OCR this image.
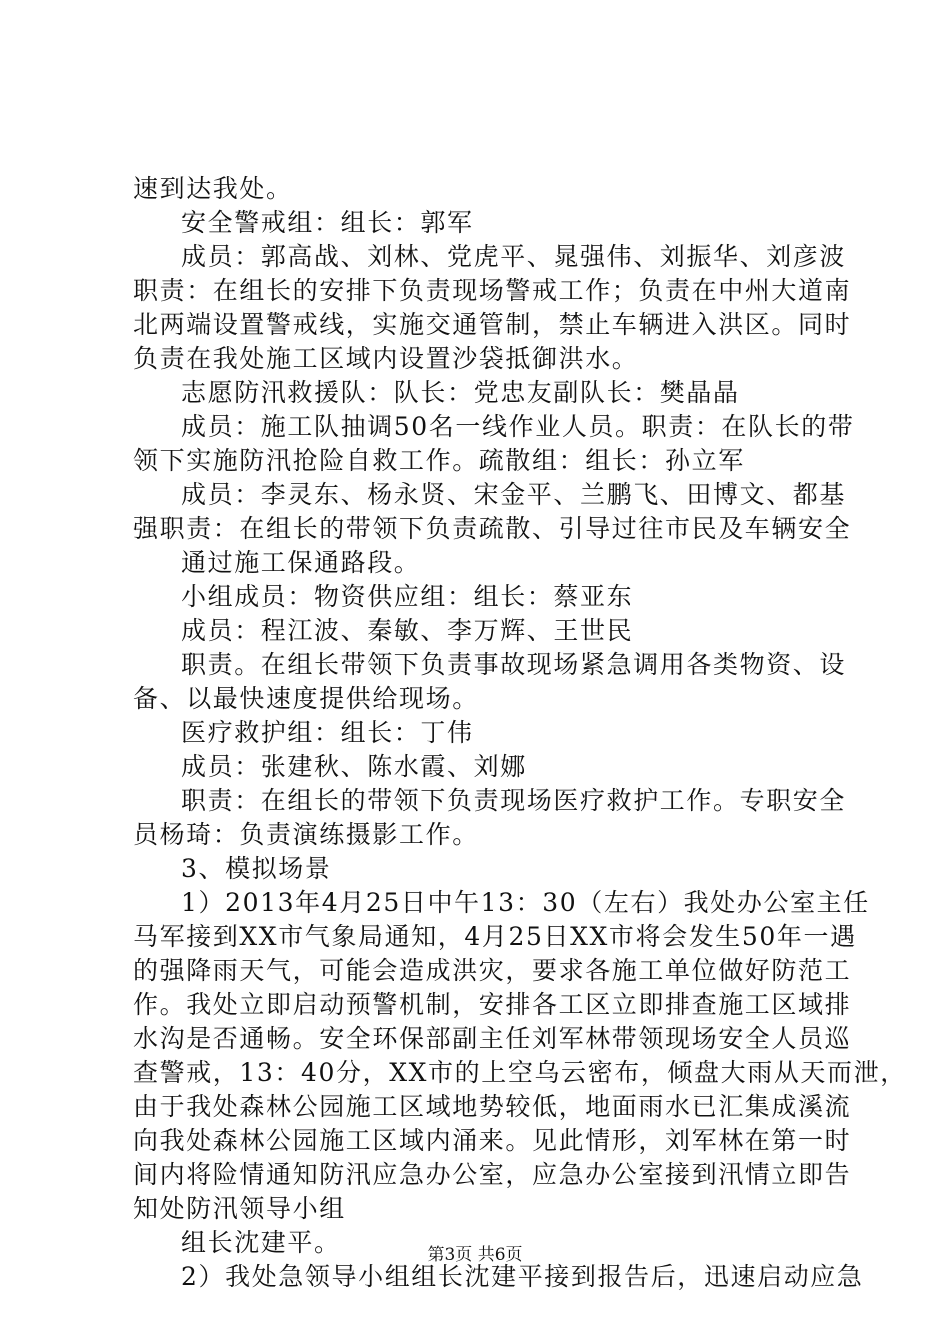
速到达我处。
安全警戒组：组长：郭军
成员：郭高战、刘林、党虎平、晁强伟、刘振华、刘彦波
职责：在组长的安排下负责现场警戒工作；负责在中州大道南
北两端设置警戒线，实施交通管制，禁止车辆进入洪区。同时
负责在我处施工区域内设置沙袋抵御洪水。
志愿防汛救援队：队长：党忠友副队长：樊晶晶
成员：施工队抽调50名一线作业人员。职责：在队长的带
领下实施防汛抢险自救工作。疏散组：组长：孙立军
成员：李灵东、杨永贤、宋金平、兰鹏飞、田博文、都基
强职责：在组长的带领下负责疏散、引导过往市民及车辆安全
通过施工保通路段。
小组成员：物资供应组：组长：蔡亚东
成员：程江波、秦敏、李万辉、王世民
职责。在组长带领下负责事故现场紧急调用各类物资、设
备、以最快速度提供给现场。
医疗救护组：组长：丁伟
成员：张建秋、陈水霞、刘娜
职责：在组长的带领下负责现场医疗救护工作。专职安全
员杨琦：负责演练摄影工作。
3、模拟场景
1）2013年4月25日中午13：30（左右）我处办公室主任
马军接到XX市气象局通知，4月25日XX市将会发生50年一遇
的强降雨天气，可能会造成洪灾，要求各施工单位做好防范工
作。我处立即启动预警机制，安排各工区立即排查施工区域排
水沟是否通畅。安全环保部副主任刘军林带领现场安全人员巡
查警戒，13：40分，XX市的上空乌云密布，倾盘大雨从天而泄，
由于我处森林公园施工区域地势较低，地面雨水已汇集成溪流
向我处森林公园施工区域内涌来。见此情形，刘军林在第一时
间内将险情通知防汛应急办公室，应急办公室接到汛情立即告
知处防汛领导小组
组长沈建平。
2）我处急领导小组组长沈建平接到报告后，迅速启动应急
第3页 共6页
